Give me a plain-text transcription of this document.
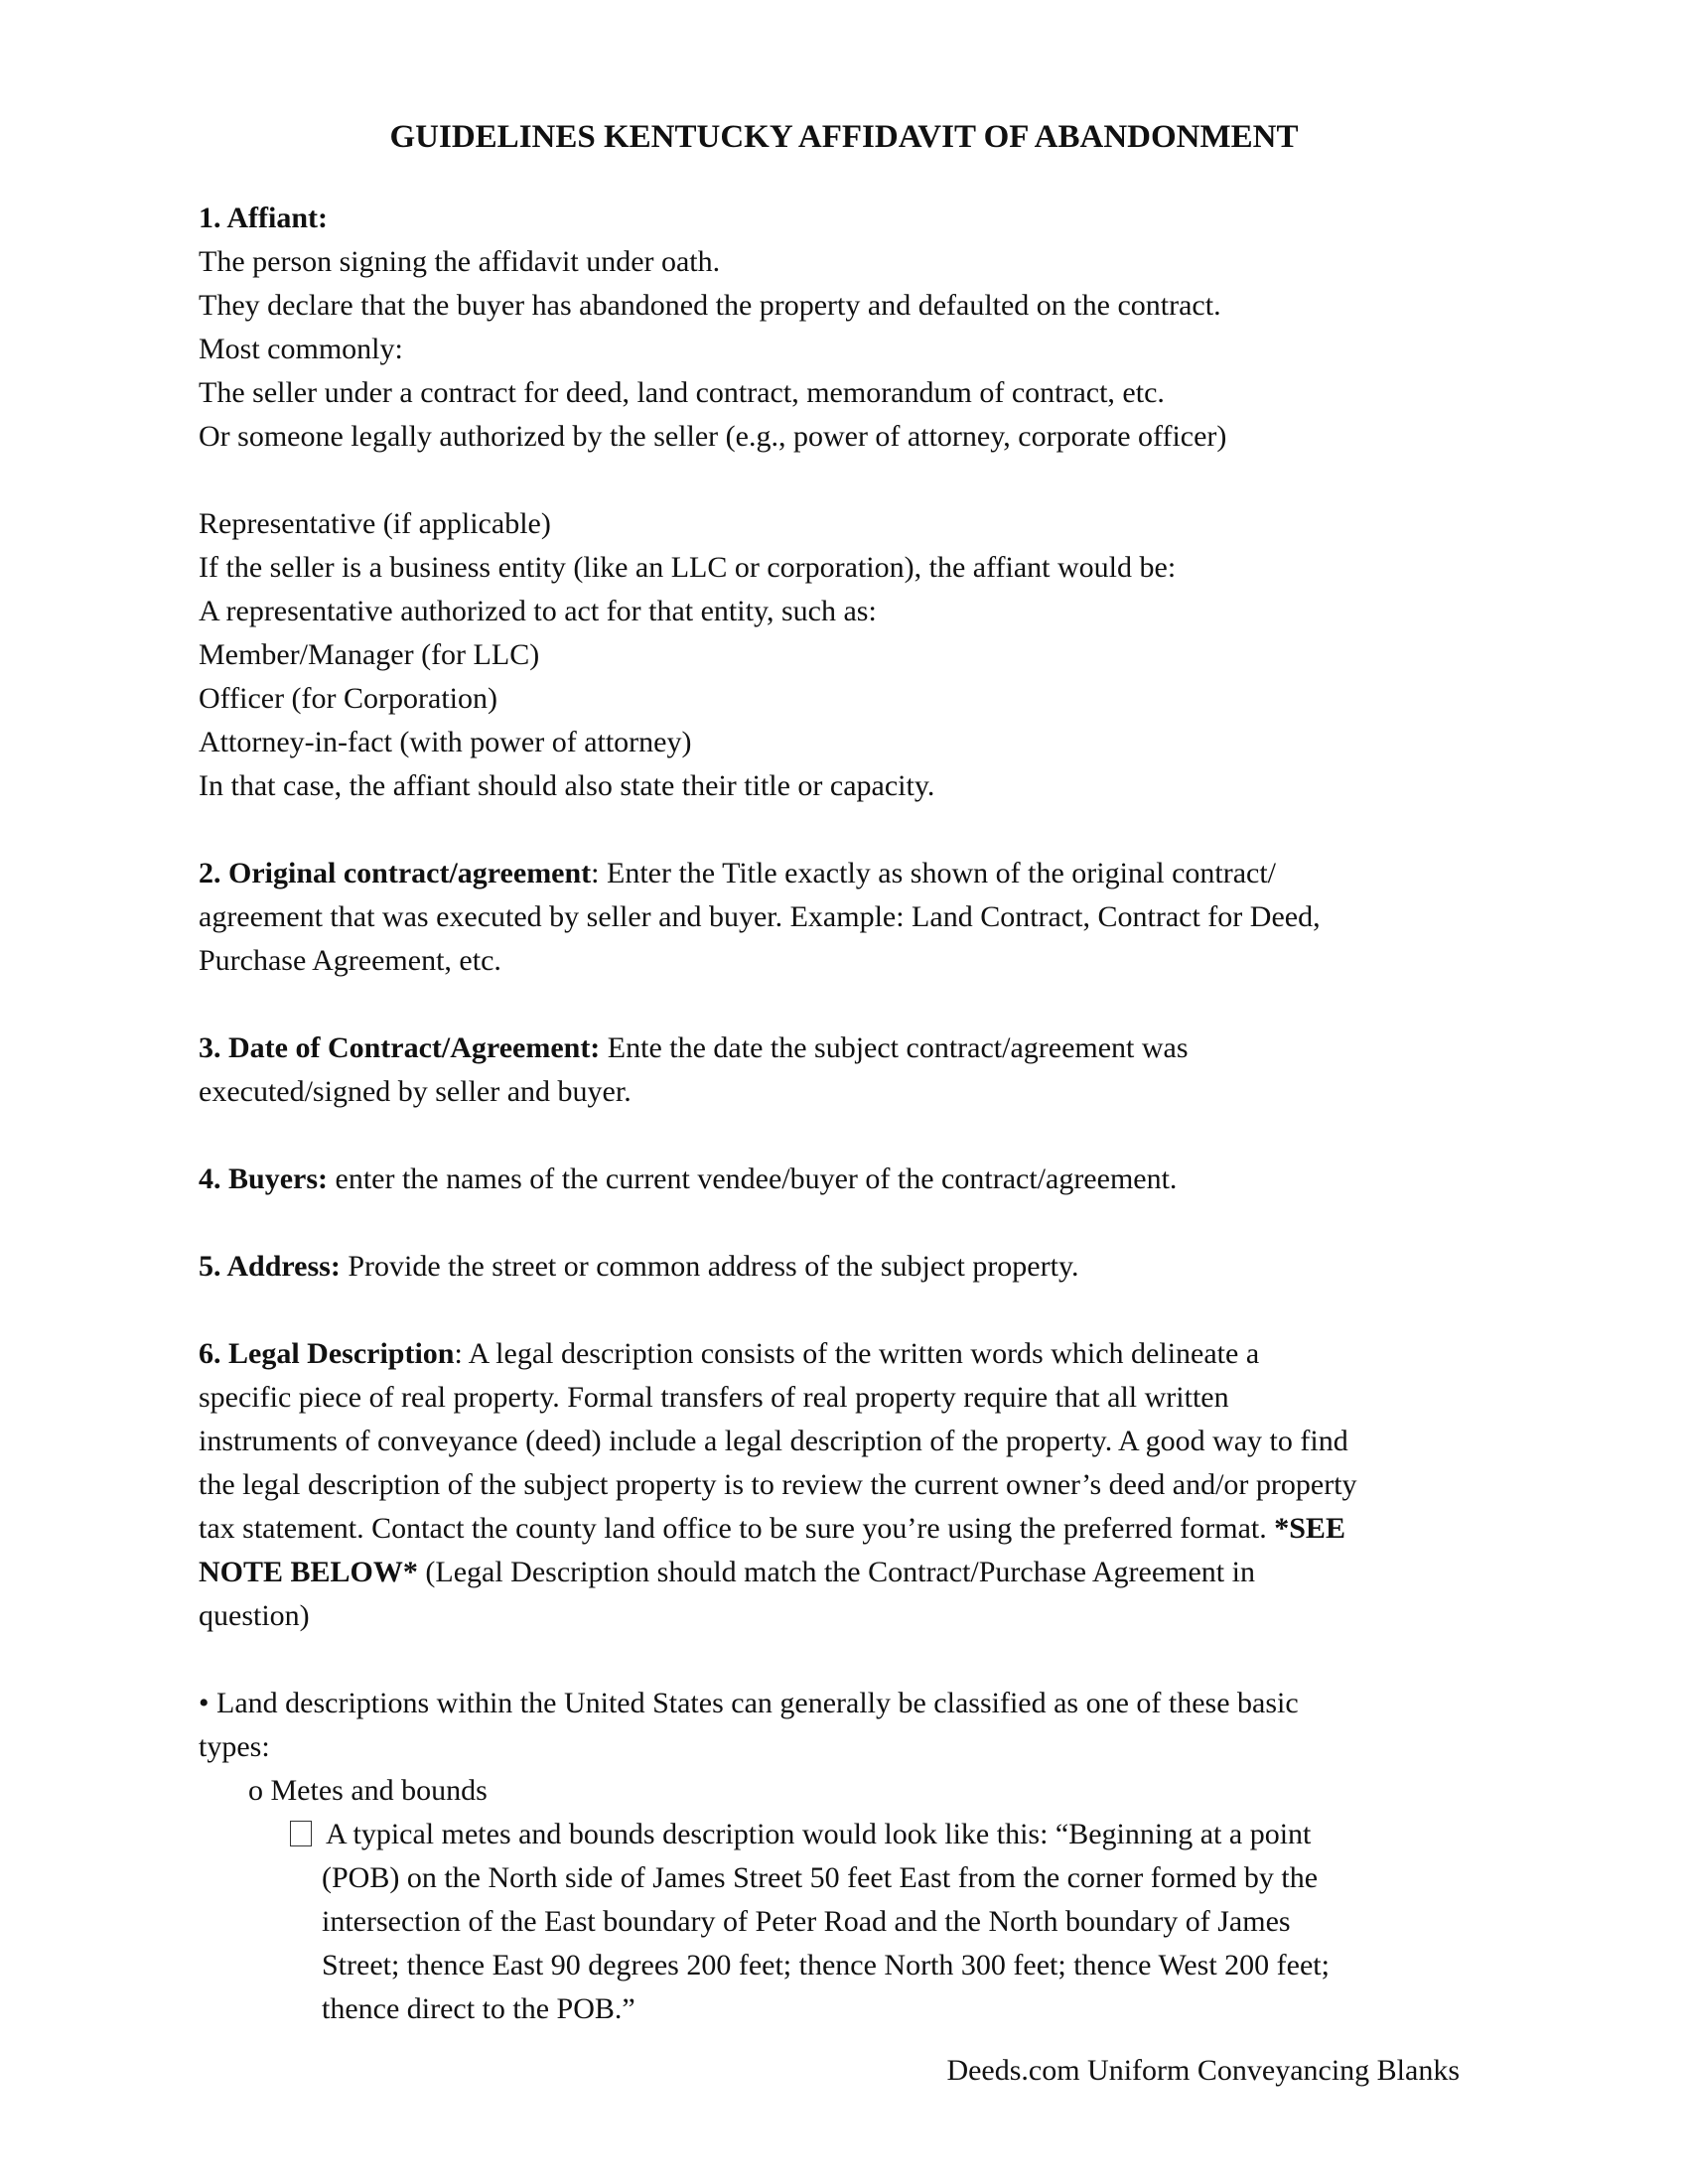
GUIDELINES KENTUCKY AFFIDAVIT OF ABANDONMENT
1. Affiant:
The person signing the affidavit under oath.
They declare that the buyer has abandoned the property and defaulted on the contract.
Most commonly:
The seller under a contract for deed, land contract, memorandum of contract, etc.
Or someone legally authorized by the seller (e.g., power of attorney, corporate officer)
Representative (if applicable)
If the seller is a business entity (like an LLC or corporation), the affiant would be:
A representative authorized to act for that entity, such as:
Member/Manager (for LLC)
Officer (for Corporation)
Attorney-in-fact (with power of attorney)
In that case, the affiant should also state their title or capacity.
2. Original contract/agreement: Enter the Title exactly as shown of the original contract/
agreement that was executed by seller and buyer. Example: Land Contract, Contract for Deed,
Purchase Agreement, etc.
3. Date of Contract/Agreement: Ente the date the subject contract/agreement was
executed/signed by seller and buyer.
4. Buyers: enter the names of the current vendee/buyer of the contract/agreement.
5. Address: Provide the street or common address of the subject property.
6. Legal Description: A legal description consists of the written words which delineate a
specific piece of real property. Formal transfers of real property require that all written
instruments of conveyance (deed) include a legal description of the property. A good way to find
the legal description of the subject property is to review the current owner’s deed and/or property
tax statement. Contact the county land office to be sure you’re using the preferred format. *SEE
NOTE BELOW* (Legal Description should match the Contract/Purchase Agreement in
question)
• Land descriptions within the United States can generally be classified as one of these basic
types:
o Metes and bounds
A typical metes and bounds description would look like this: “Beginning at a point
(POB) on the North side of James Street 50 feet East from the corner formed by the
intersection of the East boundary of Peter Road and the North boundary of James
Street; thence East 90 degrees 200 feet; thence North 300 feet; thence West 200 feet;
thence direct to the POB.”
Deeds.com Uniform Conveyancing Blanks
